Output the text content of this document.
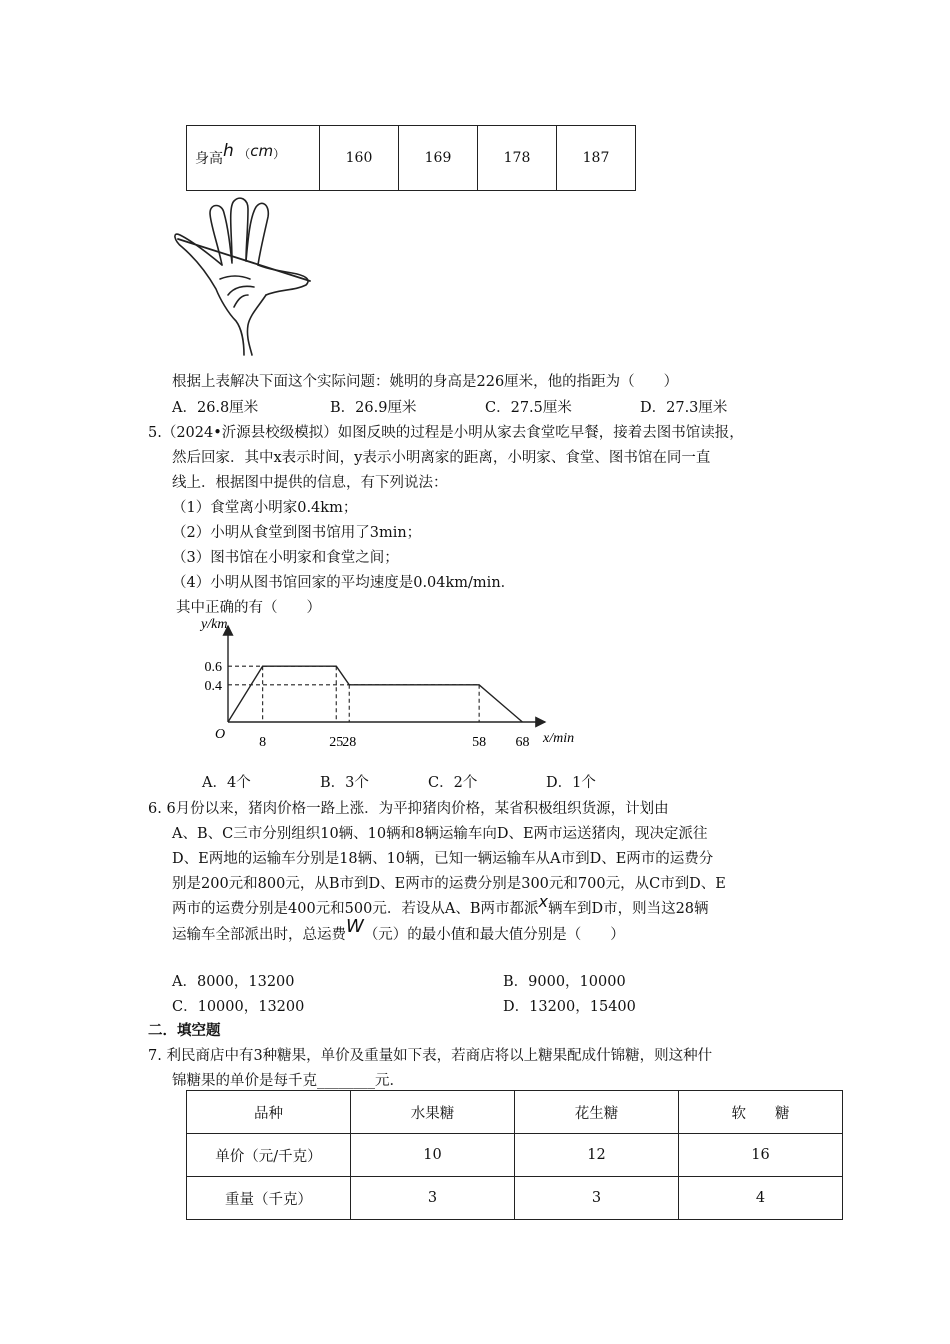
身高h （cm）	160	169	178	187
根据上表解决下面这个实际问题：姚明的身高是226厘米，他的指距为（　　）
A．26.8厘米	B．26.9厘米	C．27.5厘米	D．27.3厘米
5.（2024•沂源县校级模拟）如图反映的过程是小明从家去食堂吃早餐，接着去图书馆读报，
然后回家．其中x表示时间，y表示小明离家的距离，小明家、食堂、图书馆在同一直
线上．根据图中提供的信息，有下列说法：
（1）食堂离小明家0.4km；
（2）小明从食堂到图书馆用了3min；
（3）图书馆在小明家和食堂之间；
（4）小明从图书馆回家的平均速度是0.04km/min．
其中正确的有（　　）
y/km
x/min
O
8	25
28	58 68
0.6
0.4
A．4个	B．3个	C．2个	D．1个
6. 6月份以来，猪肉价格一路上涨．为平抑猪肉价格，某省积极组织货源，计划由
A、B、C三市分别组织10辆、10辆和8辆运输车向D、E两市运送猪肉，现决定派往
D、E两地的运输车分别是18辆、10辆，已知一辆运输车从A市到D、E两市的运费分
别是200元和800元，从B市到D、E两市的运费分别是300元和700元，从C市到D、E
两市的运费分别是400元和500元．若设从A、B两市都派x辆车到D市，则当这28辆
运输车全部派出时，总运费W（元）的最小值和最大值分别是（　　）
A．8000，13200	B．9000，10000
C．10000，13200	D．13200，15400
二．填空题
7. 利民商店中有3种糖果，单价及重量如下表，若商店将以上糖果配成什锦糖，则这种什
锦糖果的单价是每千克________元．
品种	水果糖	花生糖	软　　糖
单价（元/千克）	10	12	16
重量（千克）	3	3	4
